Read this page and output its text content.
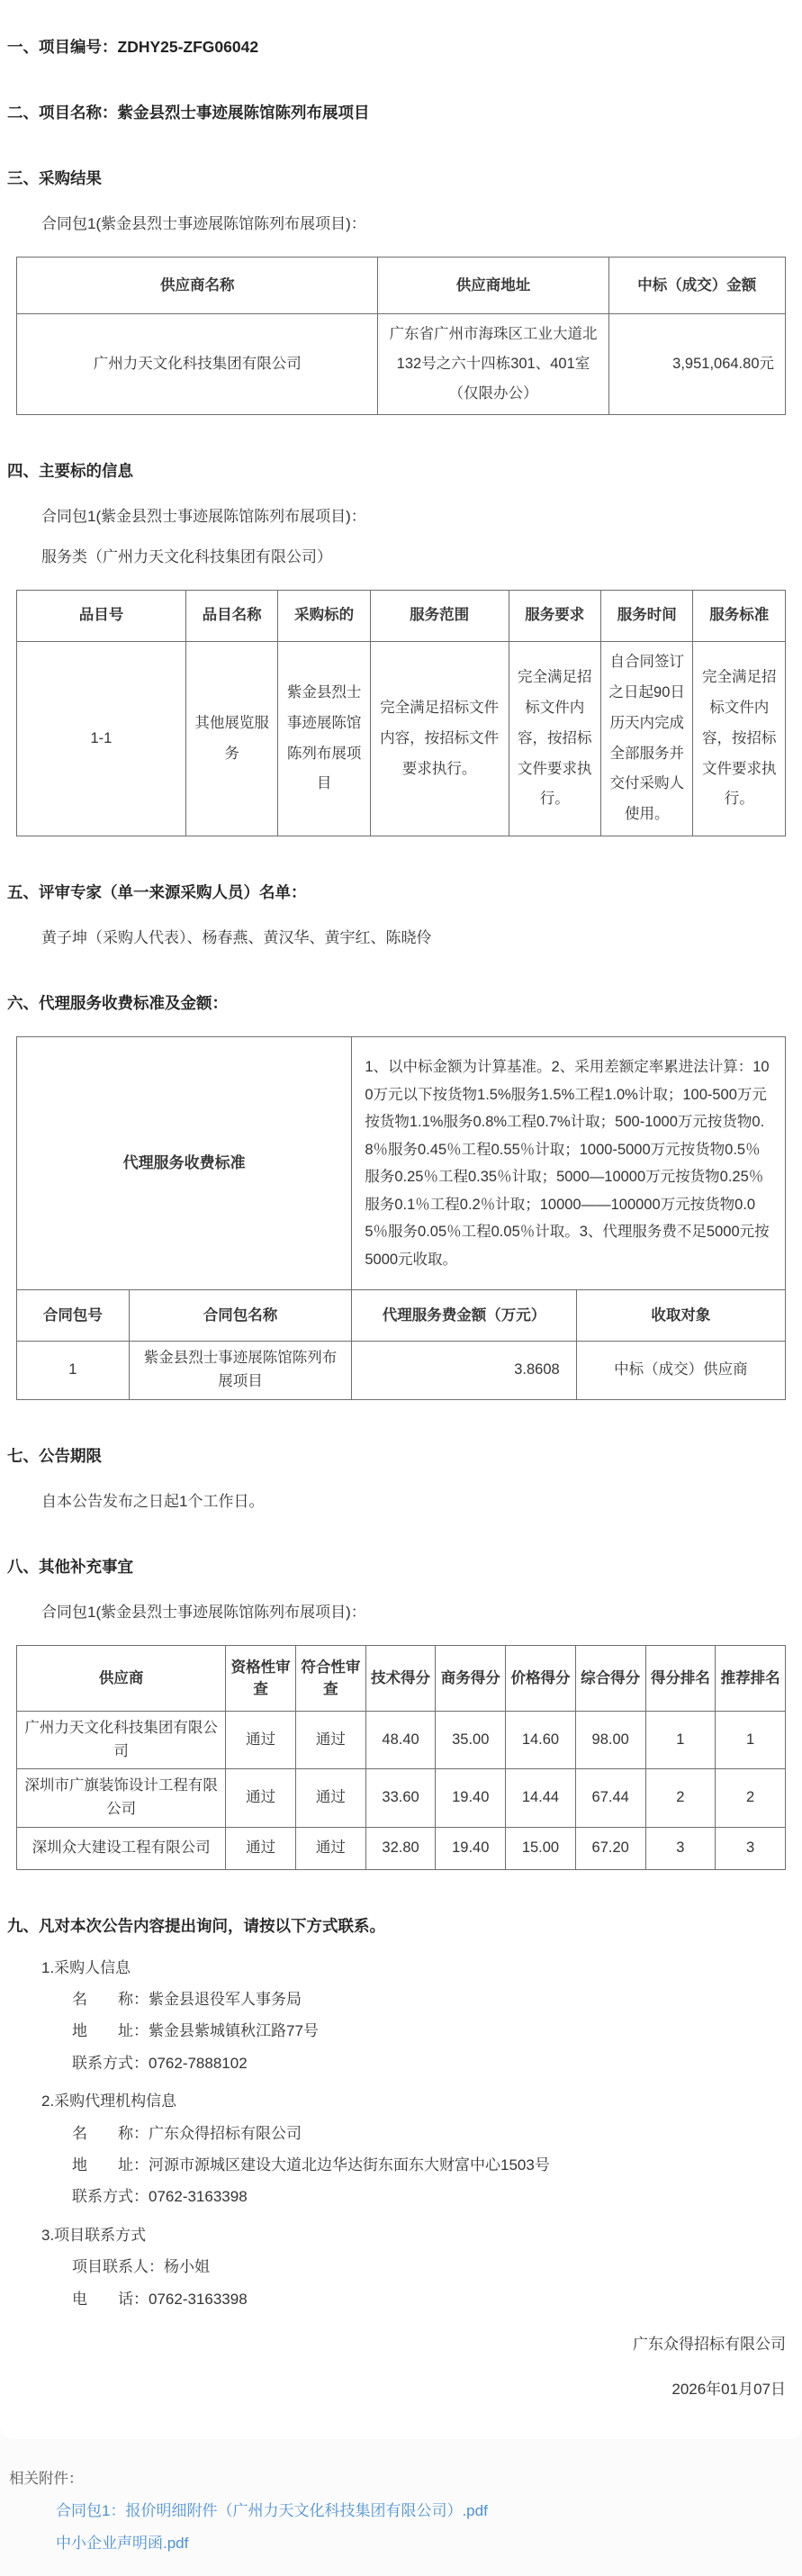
一、项目编号：ZDHY25-ZFG06042
二、项目名称：紫金县烈士事迹展陈馆陈列布展项目
三、采购结果
合同包1(紫金县烈士事迹展陈馆陈列布展项目)：
供应商名称	供应商地址	中标（成交）金额
广州力天文化科技集团有限公司	广东省广州市海珠区工业大道北132号之六十四栋301、401室（仅限办公）	3,951,064.80元
四、主要标的信息
合同包1(紫金县烈士事迹展陈馆陈列布展项目)：
服务类（广州力天文化科技集团有限公司）
品目号	品目名称	采购标的	服务范围	服务要求	服务时间	服务标准
1-1	其他展览服务	紫金县烈士事迹展陈馆陈列布展项目	完全满足招标文件内容，按招标文件要求执行。	完全满足招标文件内容，按招标文件要求执行。	自合同签订之日起90日历天内完成全部服务并交付采购人使用。	完全满足招标文件内容，按招标文件要求执行。
五、评审专家（单一来源采购人员）名单：
黄子坤（采购人代表）、杨春燕、黄汉华、黄宇红、陈晓伶
六、代理服务收费标准及金额：
代理服务收费标准	1、以中标金额为计算基准。2、采用差额定率累进法计算：100万元以下按货物1.5%服务1.5%工程1.0%计取；100-500万元按货物1.1%服务0.8%工程0.7%计取；500-1000万元按货物0.8％服务0.45％工程0.55％计取；1000-5000万元按货物0.5％服务0.25％工程0.35％计取；5000—10000万元按货物0.25％服务0.1％工程0.2％计取；10000——100000万元按货物0.05％服务0.05％工程0.05％计取。3、代理服务费不足5000元按5000元收取。
合同包号	合同包名称	代理服务费金额（万元）	收取对象
1	紫金县烈士事迹展陈馆陈列布展项目	3.8608	中标（成交）供应商
七、公告期限
自本公告发布之日起1个工作日。
八、其他补充事宜
合同包1(紫金县烈士事迹展陈馆陈列布展项目)：
供应商	资格性审查	符合性审查	技术得分	商务得分	价格得分	综合得分	得分排名	推荐排名
广州力天文化科技集团有限公司	通过	通过	48.40	35.00	14.60	98.00	1	1
深圳市广旗装饰设计工程有限公司	通过	通过	33.60	19.40	14.44	67.44	2	2
深圳众大建设工程有限公司	通过	通过	32.80	19.40	15.00	67.20	3	3
九、凡对本次公告内容提出询问，请按以下方式联系。
1.采购人信息
名　　称：紫金县退役军人事务局
地　　址：紫金县紫城镇秋江路77号
联系方式：0762-7888102
2.采购代理机构信息
名　　称：广东众得招标有限公司
地　　址：河源市源城区建设大道北边华达街东面东大财富中心1503号
联系方式：0762-3163398
3.项目联系方式
项目联系人：杨小姐
电　　话：0762-3163398
广东众得招标有限公司
2026年01月07日
相关附件：
合同包1：报价明细附件（广州力天文化科技集团有限公司）.pdf
中小企业声明函.pdf
